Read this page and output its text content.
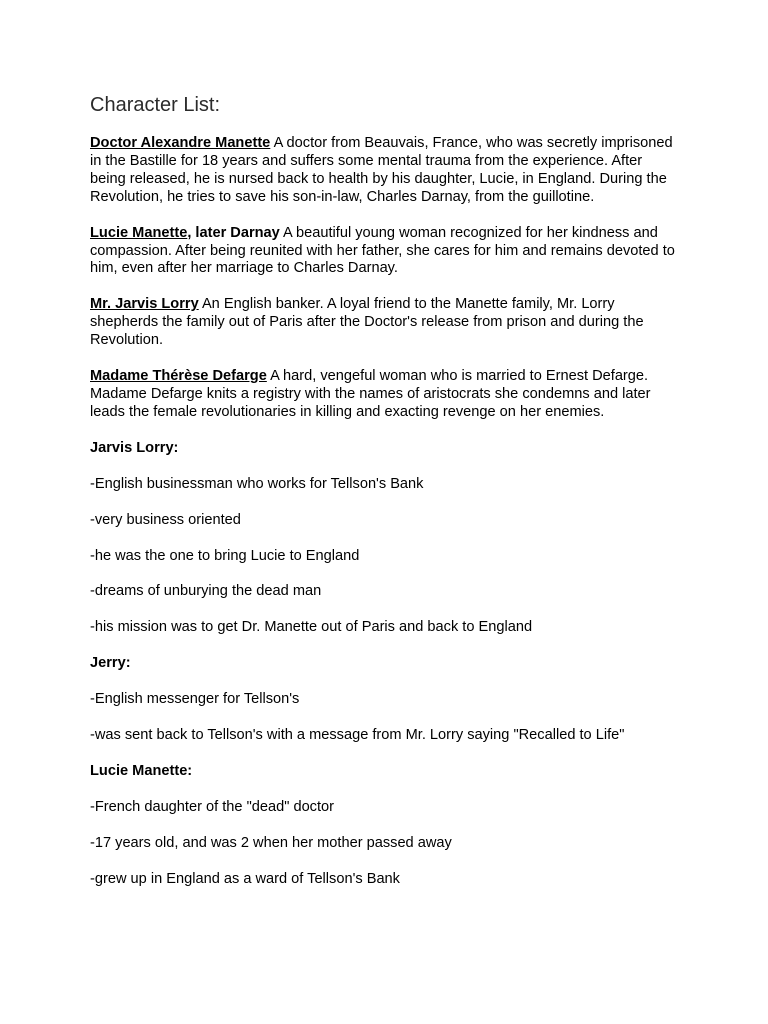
Character List:

Doctor Alexandre Manette A doctor from Beauvais, France, who was secretly imprisoned in the Bastille for 18 years and suffers some mental trauma from the experience. After being released, he is nursed back to health by his daughter, Lucie, in England. During the Revolution, he tries to save his son-in-law, Charles Darnay, from the guillotine.

Lucie Manette, later Darnay A beautiful young woman recognized for her kindness and compassion. After being reunited with her father, she cares for him and remains devoted to him, even after her marriage to Charles Darnay.

Mr. Jarvis Lorry An English banker. A loyal friend to the Manette family, Mr. Lorry shepherds the family out of Paris after the Doctor's release from prison and during the Revolution.

Madame Thérèse Defarge A hard, vengeful woman who is married to Ernest Defarge. Madame Defarge knits a registry with the names of aristocrats she condemns and later leads the female revolutionaries in killing and exacting revenge on her enemies.

Jarvis Lorry:

-English businessman who works for Tellson's Bank

-very business oriented

-he was the one to bring Lucie to England

-dreams of unburying the dead man

-his mission was to get Dr. Manette out of Paris and back to England

Jerry:

-English messenger for Tellson's

-was sent back to Tellson's with a message from Mr. Lorry saying "Recalled to Life"

Lucie Manette:

-French daughter of the "dead" doctor

-17 years old, and was 2 when her mother passed away

-grew up in England as a ward of Tellson's Bank
